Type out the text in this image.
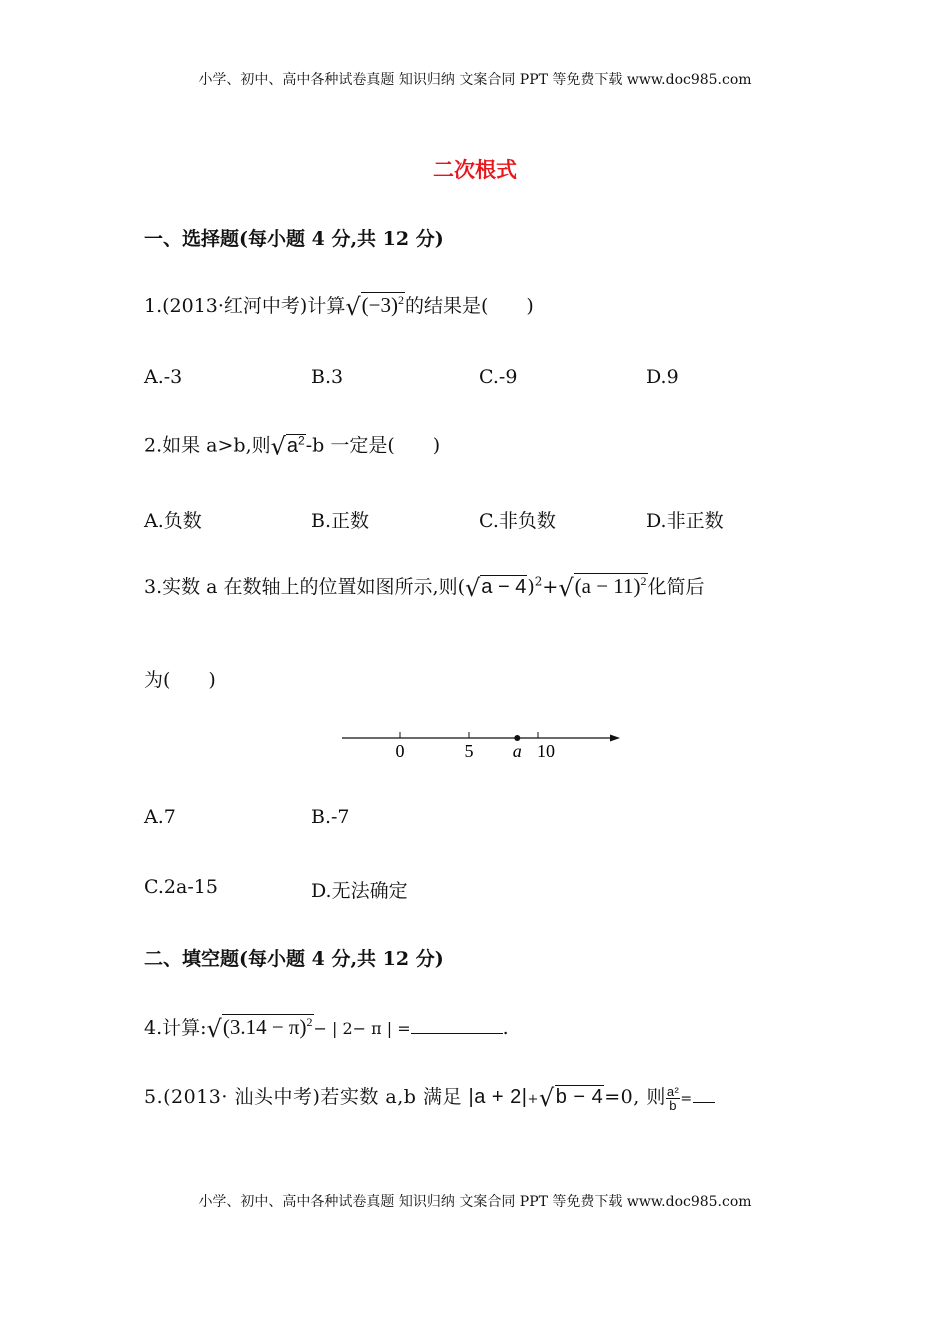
小学、初中、高中各种试卷真题 知识归纳 文案合同 PPT 等免费下载 www.doc985.com
二次根式
一、选择题(每小题 4 分,共 12 分)
1.(2013·红河中考)计算$√(-3)^2$的结果是(　　)
A.-3	B.3	C.-9	D.9
2.如果 a>b,则$√a^2-b$ 一定是(　　)
A.负数	B.正数	C.非负数	D.非正数
3.实数 a 在数轴上的位置如图所示,则$(√a - 4)^2+√(a - 11)^2$化简后
为(　　)
0	5 a 10
A.7	B.-7
C.2a-15	D.无法确定
二、填空题(每小题 4 分,共 12 分)
4.计算:√(3.14 − π)$^2$− | 2− π | =	.
5.(2013· 汕头中考)若实数 a,b 满足 |a + 2|+√b − 4=0, 则 $\frac{\text{a²}}{b}$ =
小学、初中、高中各种试卷真题 知识归纳 文案合同 PPT 等免费下载 www.doc985.com
